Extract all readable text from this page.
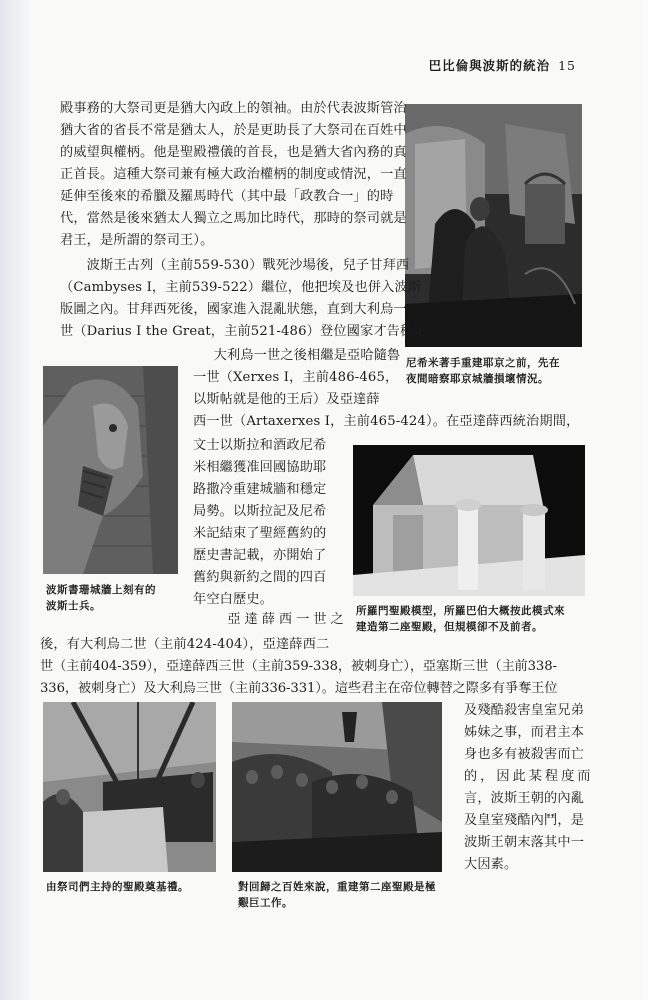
巴比倫與波斯的統治 15
尼希米著手重建耶京之前，先在
夜間暗察耶京城牆損壞情況。
波斯書珊城牆上刻有的
波斯士兵。	所羅門聖殿模型，所羅巴伯大概按此模式來
建造第二座聖殿，但規模卻不及前者。
由祭司們主持的聖殿奠基禮。	對回歸之百姓來說，重建第二座聖殿是極
艱巨工作。
殿事務的大祭司更是猶大內政上的領袖。由於代表波斯管治
猶大省的省長不常是猶太人，於是更助長了大祭司在百姓中
的威望與權柄。他是聖殿禮儀的首長，也是猶大省內務的真
正首長。這種大祭司兼有極大政治權柄的制度或情況，一直
延伸至後來的希臘及羅馬時代（其中最「政教合一」的時
代，當然是後來猶太人獨立之馬加比時代，那時的祭司就是
君王，是所謂的祭司王）。
　　波斯王古列（主前559-530）戰死沙場後，兒子甘拜西
（Cambyses I，主前539-522）繼位，他把埃及也併入波斯
版圖之內。甘拜西死後，國家進入混亂狀態，直到大利烏一
世（Darius I the Great，主前521-486）登位國家才告穩定。
　　大利烏一世之後相繼是亞哈隨魯
一世（Xerxes I，主前486-465，
以斯帖就是他的王后）及亞達薛
西一世（Artaxerxes I，主前465-424）。在亞達薛西統治期間，
文士以斯拉和酒政尼希
米相繼獲准回國協助耶
路撒冷重建城牆和穩定
局勢。以斯拉記及尼希
米記結束了聖經舊約的
歷史書記載，亦開始了
舊約與新約之間的四百
年空白歷史。
　　亞達薛西一世之
後，有大利烏二世（主前424-404），亞達薛西二
世（主前404-359），亞達薛西三世（主前359-338，被刺身亡），亞塞斯三世（主前338-
336，被刺身亡）及大利烏三世（主前336-331）。這些君主在帝位轉替之際多有爭奪王位
及殘酷殺害皇室兄弟
姊妹之事，而君主本
身也多有被殺害而亡
的，因此某程度而
言，波斯王朝的內亂
及皇室殘酷內鬥，是
波斯王朝末落其中一
大因素。
